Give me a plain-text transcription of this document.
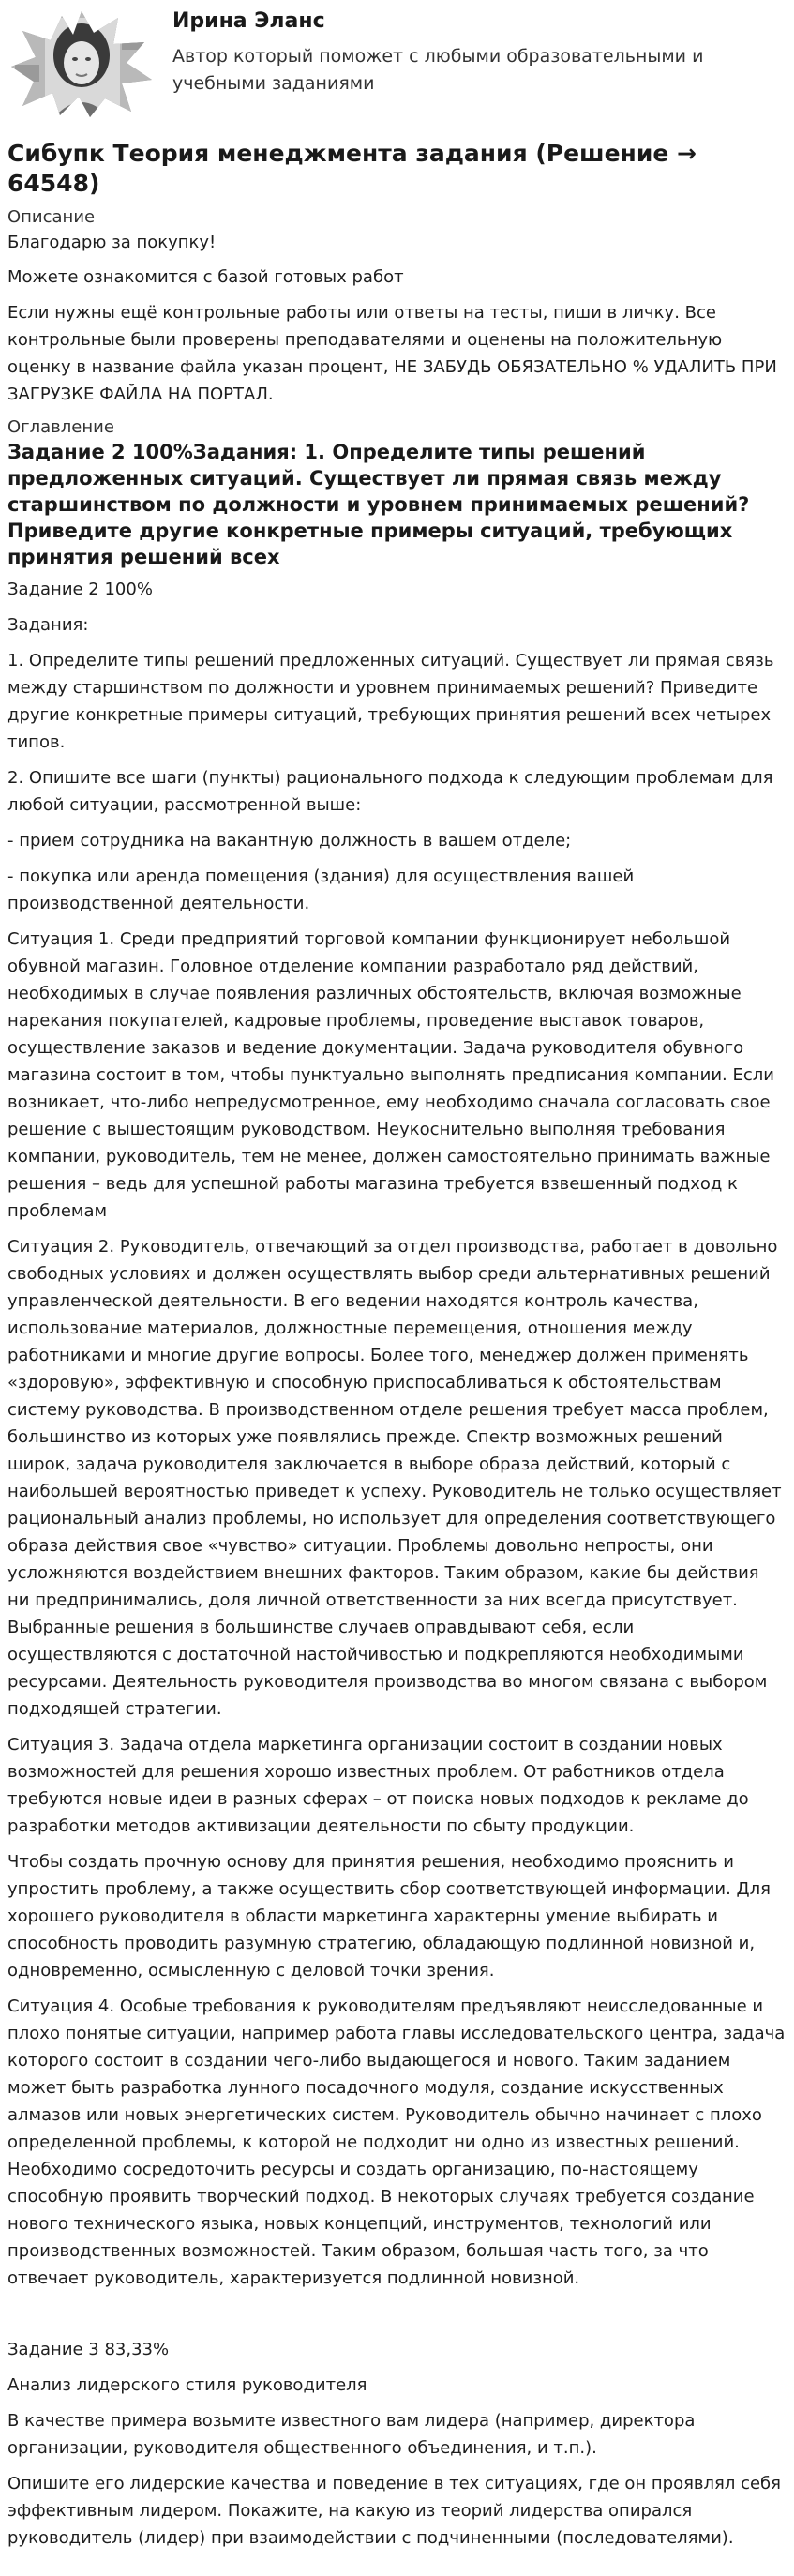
Ирина Эланс
Автор который поможет с любыми образовательными и учебными заданиями
Сибупк Теория менеджмента задания (Решение → 64548)
Описание
Благодарю за покупку!
Можете ознакомится с базой готовых работ
Если нужны ещё контрольные работы или ответы на тесты, пиши в личку. Все контрольные были проверены преподавателями и оценены на положительную оценку в название файла указан процент, НЕ ЗАБУДЬ ОБЯЗАТЕЛЬНО % УДАЛИТЬ ПРИ ЗАГРУЗКЕ ФАЙЛА НА ПОРТАЛ.
Оглавление
Задание 2 100%Задания: 1. Определите типы решений предложенных ситуаций. Существует ли прямая связь между старшинством по должности и уровнем принимаемых решений? Приведите другие конкретные примеры ситуаций, требующих принятия решений всех
Задание 2 100%
Задания:
1. Определите типы решений предложенных ситуаций. Существует ли прямая связь между старшинством по должности и уровнем принимаемых решений? Приведите другие конкретные примеры ситуаций, требующих принятия решений всех четырех типов.
2. Опишите все шаги (пункты) рационального подхода к следующим проблемам для любой ситуации, рассмотренной выше:
- прием сотрудника на вакантную должность в вашем отделе;
- покупка или аренда помещения (здания) для осуществления вашей производственной деятельности.
Ситуация 1. Среди предприятий торговой компании функционирует небольшой обувной магазин. Головное отделение компании разработало ряд действий, необходимых в случае появления различных обстоятельств, включая возможные нарекания покупателей, кадровые проблемы, проведение выставок товаров, осуществление заказов и ведение документации. Задача руководителя обувного магазина состоит в том, чтобы пунктуально выполнять предписания компании. Если возникает, что-либо непредусмотренное, ему необходимо сначала согласовать свое решение с вышестоящим руководством. Неукоснительно выполняя требования компании, руководитель, тем не менее, должен самостоятельно принимать важные решения – ведь для успешной работы магазина требуется взвешенный подход к проблемам
Ситуация 2. Руководитель, отвечающий за отдел производства, работает в довольно свободных условиях и должен осуществлять выбор среди альтернативных решений управленческой деятельности. В его ведении находятся контроль качества, использование материалов, должностные перемещения, отношения между работниками и многие другие вопросы. Более того, менеджер должен применять «здоровую», эффективную и способную приспосабливаться к обстоятельствам систему руководства. В производственном отделе решения требует масса проблем, большинство из которых уже появлялись прежде. Спектр возможных решений широк, задача руководителя заключается в выборе образа действий, который с наибольшей вероятностью приведет к успеху. Руководитель не только осуществляет рациональный анализ проблемы, но использует для определения соответствующего образа действия свое «чувство» ситуации. Проблемы довольно непросты, они усложняются воздействием внешних факторов. Таким образом, какие бы действия ни предпринимались, доля личной ответственности за них всегда присутствует. Выбранные решения в большинстве случаев оправдывают себя, если осуществляются с достаточной настойчивостью и подкрепляются необходимыми ресурсами. Деятельность руководителя производства во многом связана с выбором подходящей стратегии.
Ситуация 3. Задача отдела маркетинга организации состоит в создании новых возможностей для решения хорошо известных проблем. От работников отдела требуются новые идеи в разных сферах – от поиска новых подходов к рекламе до разработки методов активизации деятельности по сбыту продукции.
Чтобы создать прочную основу для принятия решения, необходимо прояснить и упростить проблему, а также осуществить сбор соответствующей информации. Для хорошего руководителя в области маркетинга характерны умение выбирать и способность проводить разумную стратегию, обладающую подлинной новизной и, одновременно, осмысленную с деловой точки зрения.
Ситуация 4. Особые требования к руководителям предъявляют неисследованные и плохо понятые ситуации, например работа главы исследовательского центра, задача которого состоит в создании чего-либо выдающегося и нового. Таким заданием может быть разработка лунного посадочного модуля, создание искусственных алмазов или новых энергетических систем. Руководитель обычно начинает с плохо определенной проблемы, к которой не подходит ни одно из известных решений. Необходимо сосредоточить ресурсы и создать организацию, по-настоящему способную проявить творческий подход. В некоторых случаях требуется создание нового технического языка, новых концепций, инструментов, технологий или производственных возможностей. Таким образом, большая часть того, за что отвечает руководитель, характеризуется подлинной новизной.
Задание 3 83,33%
Анализ лидерского стиля руководителя
В качестве примера возьмите известного вам лидера (например, директора организации, руководителя общественного объединения, и т.п.).
Опишите его лидерские качества и поведение в тех ситуациях, где он проявлял себя эффективным лидером. Покажите, на какую из теорий лидерства опирался руководитель (лидер) при взаимодействии с подчиненными (последователями).
